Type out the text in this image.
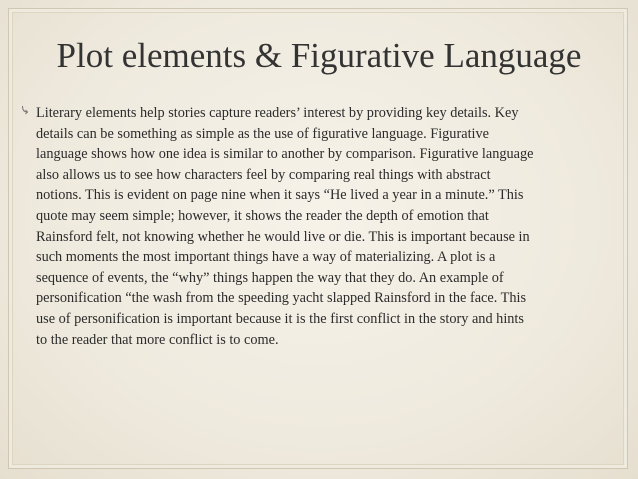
Plot elements & Figurative Language
Literary elements help stories capture readers’ interest by providing key details. Key
details can be something as simple as the use of figurative language. Figurative
language shows how one idea is similar to another by comparison. Figurative language
also allows us to see how characters feel by comparing real things with abstract
notions. This is evident on page nine when it says “He lived a year in a minute.” This
quote may seem simple; however, it shows the reader the depth of emotion that
Rainsford felt, not knowing whether he would live or die. This is important because in
such moments the most important things have a way of materializing. A plot is a
sequence of events, the “why” things happen the way that they do. An example of
personification “the wash from the speeding yacht slapped Rainsford in the face. This
use of personification is important because it is the first conflict in the story and hints
to the reader that more conflict is to come.
